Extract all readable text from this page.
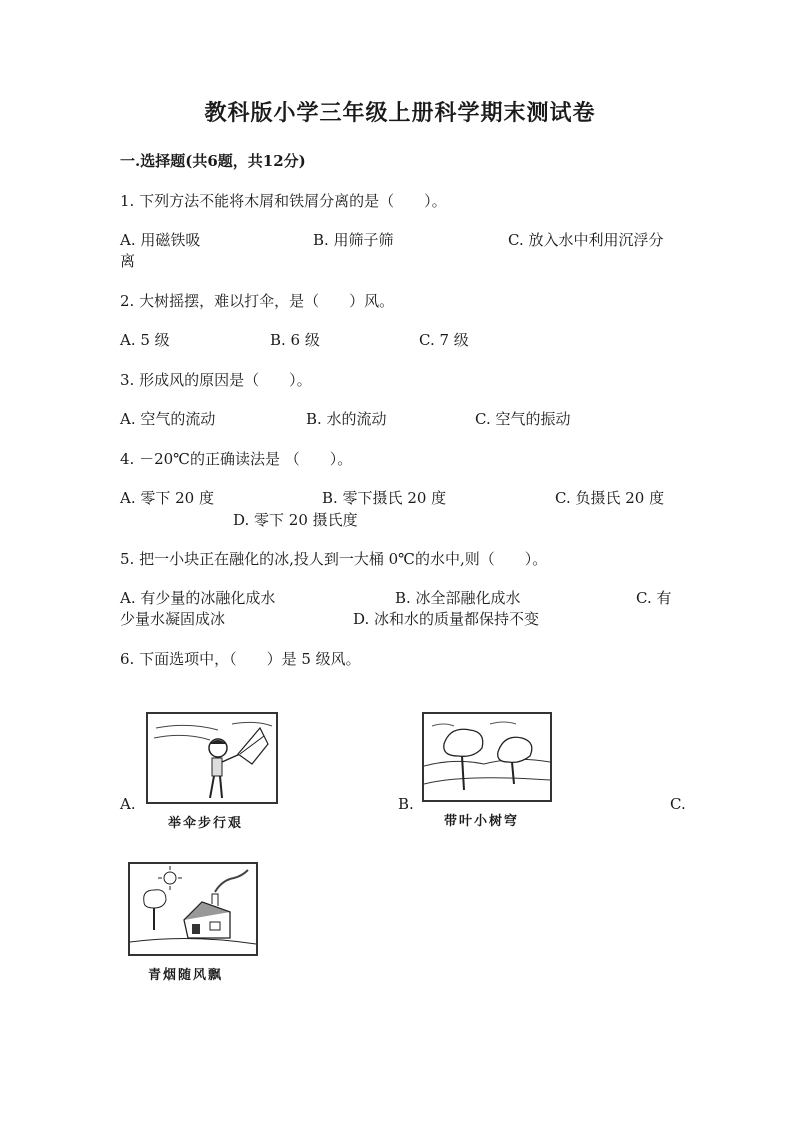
教科版小学三年级上册科学期末测试卷
一.选择题(共6题，共12分)
1. 下列方法不能将木屑和铁屑分离的是（　　）。
A. 用磁铁吸	B. 用筛子筛	C. 放入水中利用沉浮分
离
2. 大树摇摆，难以打伞，是（　　）风。
A. 5 级	B. 6 级	C. 7 级
3. 形成风的原因是（　　）。
A. 空气的流动	B. 水的流动	C. 空气的振动
4. －20℃的正确读法是 （　　）。
A. 零下 20 度	B. 零下摄氏 20 度	C. 负摄氏 20 度
D. 零下 20 摄氏度
5. 把一小块正在融化的冰,投人到一大桶 0℃的水中,则（　　）。
A. 有少量的冰融化成水	B. 冰全部融化成水	C. 有
少量水凝固成冰	D. 冰和水的质量都保持不变
6. 下面选项中，（　　）是 5 级风。
A.	B.	C.
举伞步行艰	带叶小树穹
青烟随风飘
